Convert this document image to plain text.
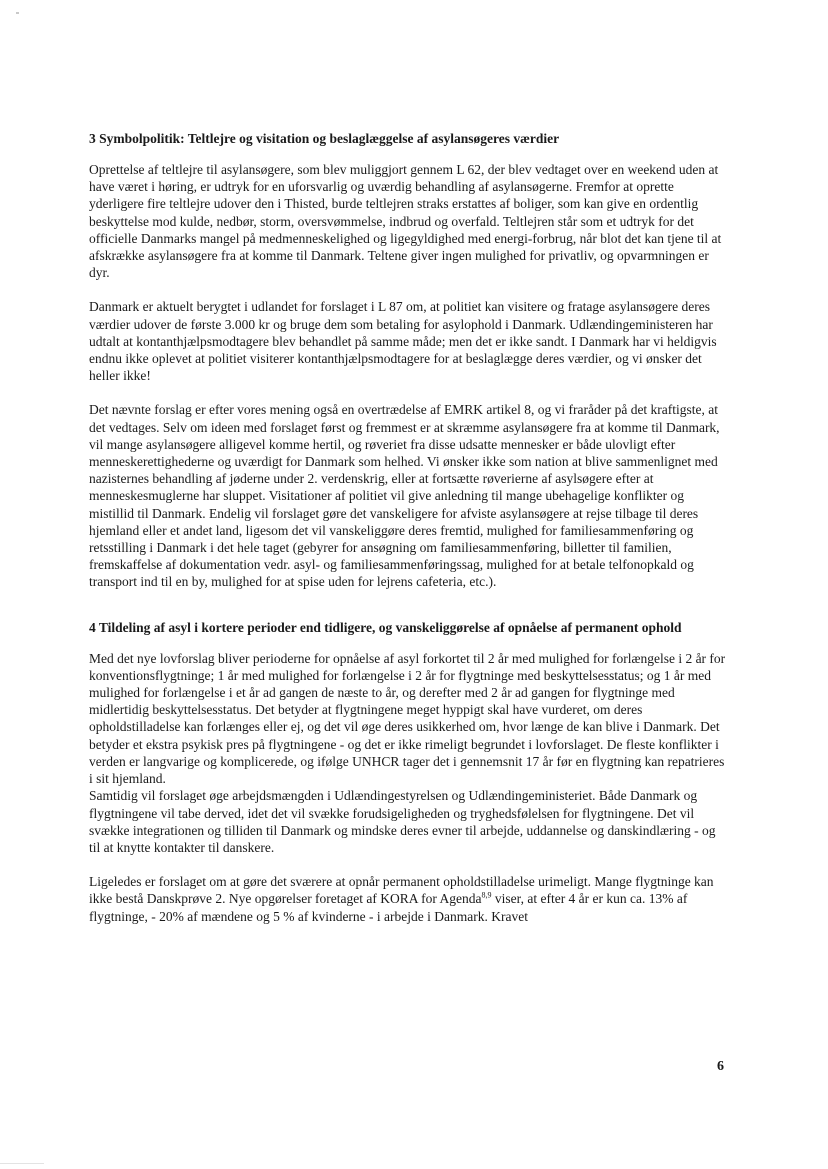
3 Symbolpolitik: Teltlejre og visitation og beslaglæggelse af asylansøgeres værdier

Oprettelse af teltlejre til asylansøgere, som blev muliggjort gennem L 62, der blev vedtaget over en weekend uden at have været i høring, er udtryk for en uforsvarlig og uværdig behandling af asylansøgerne. Fremfor at oprette yderligere fire teltlejre udover den i Thisted, burde teltlejren straks erstattes af boliger, som kan give en ordentlig beskyttelse mod kulde, nedbør, storm, oversvømmelse, indbrud og overfald. Teltlejren står som et udtryk for det officielle Danmarks mangel på medmenneskelighed og ligegyldighed med energi-forbrug, når blot det kan tjene til at afskrække asylansøgere fra at komme til Danmark. Teltene giver ingen mulighed for privatliv, og opvarmningen er dyr.

Danmark er aktuelt berygtet i udlandet for forslaget i L 87 om, at politiet kan visitere og fratage asylansøgere deres værdier udover de første 3.000 kr og bruge dem som betaling for asylophold i Danmark. Udlændingeministeren har udtalt at kontanthjælpsmodtagere blev behandlet på samme måde; men det er ikke sandt. I Danmark har vi heldigvis endnu ikke oplevet at politiet visiterer kontanthjælpsmodtagere for at beslaglægge deres værdier, og vi ønsker det heller ikke!

Det nævnte forslag er efter vores mening også en overtrædelse af EMRK artikel 8, og vi fraråder på det kraftigste, at det vedtages. Selv om ideen med forslaget først og fremmest er at skræmme asylansøgere fra at komme til Danmark, vil mange asylansøgere alligevel komme hertil, og røveriet fra disse udsatte mennesker er både ulovligt efter menneskerettighederne og uværdigt for Danmark som helhed. Vi ønsker ikke som nation at blive sammenlignet med nazisternes behandling af jøderne under 2. verdenskrig, eller at fortsætte røverierne af asylsøgere efter at menneskesmuglerne har sluppet. Visitationer af politiet vil give anledning til mange ubehagelige konflikter og mistillid til Danmark. Endelig vil forslaget gøre det vanskeligere for afviste asylansøgere at rejse tilbage til deres hjemland eller et andet land, ligesom det vil vanskeliggøre deres fremtid, mulighed for familiesammenføring og retsstilling i Danmark i det hele taget (gebyrer for ansøgning om familiesammenføring, billetter til familien, fremskaffelse af dokumentation vedr. asyl- og familiesammenføringssag, mulighed for at betale telfonopkald og transport ind til en by, mulighed for at spise uden for lejrens cafeteria, etc.).

4 Tildeling af asyl i kortere perioder end tidligere, og vanskeliggørelse af opnåelse af permanent ophold

Med det nye lovforslag bliver perioderne for opnåelse af asyl forkortet til 2 år med mulighed for forlængelse i 2 år for konventionsflygtninge; 1 år med mulighed for forlængelse i 2 år for flygtninge med beskyttelsesstatus; og 1 år med mulighed for forlængelse i et år ad gangen de næste to år, og derefter med 2 år ad gangen for flygtninge med midlertidig beskyttelsesstatus. Det betyder at flygtningene meget hyppigt skal have vurderet, om deres opholdstilladelse kan forlænges eller ej, og det vil øge deres usikkerhed om, hvor længe de kan blive i Danmark. Det betyder et ekstra psykisk pres på flygtningene - og det er ikke rimeligt begrundet i lovforslaget. De fleste konflikter i verden er langvarige og komplicerede, og ifølge UNHCR tager det i gennemsnit 17 år før en flygtning kan repatrieres i sit hjemland.

Samtidig vil forslaget øge arbejdsmængden i Udlændingestyrelsen og Udlændingeministeriet. Både Danmark og flygtningene vil tabe derved, idet det vil svække forudsigeligheden og tryghedsfølelsen for flygtningene. Det vil svække integrationen og tilliden til Danmark og mindske deres evner til arbejde, uddannelse og danskindlæring - og til at knytte kontakter til danskere.

Ligeledes er forslaget om at gøre det sværere at opnår permanent opholdstilladelse urimeligt. Mange flygtninge kan ikke bestå Danskprøve 2. Nye opgørelser foretaget af KORA for Agenda$^{8,9}$ viser, at efter 4 år er kun ca. 13% af flygtninge, - 20% af mændene og 5 % af kvinderne - i arbejde i Danmark. Kravet

6
